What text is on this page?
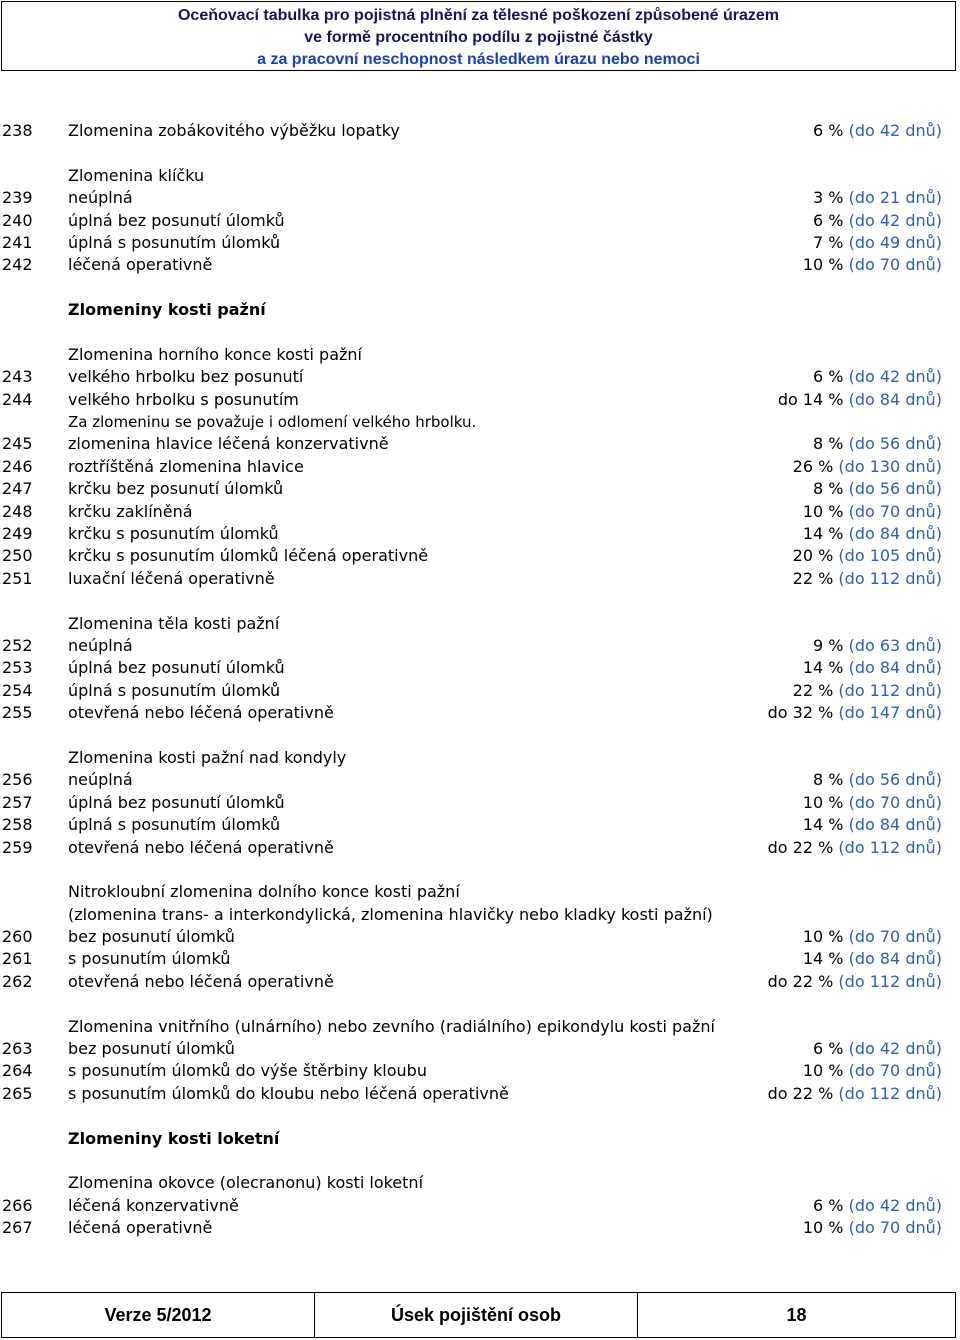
Oceňovací tabulka pro pojistná plnění za tělesné poškození způsobené úrazem
ve formě procentního podílu z pojistné částky
a za pracovní neschopnost následkem úrazu nebo nemoci
238 Zlomenina zobákovitého výběžku lopatky	6 % (do 42 dnů)
Zlomenina klíčku
239 neúplná	3 % (do 21 dnů)
240 úplná bez posunutí úlomků	6 % (do 42 dnů)
241 úplná s posunutím úlomků	7 % (do 49 dnů)
242 léčená operativně	10 % (do 70 dnů)
Zlomeniny kosti pažní
Zlomenina horního konce kosti pažní
243 velkého hrbolku bez posunutí	6 % (do 42 dnů)
244 velkého hrbolku s posunutím	do 14 % (do 84 dnů)
Za zlomeninu se považuje i odlomení velkého hrbolku.
245 zlomenina hlavice léčená konzervativně	8 % (do 56 dnů)
246 roztříštěná zlomenina hlavice	26 % (do 130 dnů)
247 krčku bez posunutí úlomků	8 % (do 56 dnů)
248 krčku zaklíněná	10 % (do 70 dnů)
249 krčku s posunutím úlomků	14 % (do 84 dnů)
250 krčku s posunutím úlomků léčená operativně	20 % (do 105 dnů)
251 luxační léčená operativně	22 % (do 112 dnů)
Zlomenina těla kosti pažní
252 neúplná	9 % (do 63 dnů)
253 úplná bez posunutí úlomků	14 % (do 84 dnů)
254 úplná s posunutím úlomků	22 % (do 112 dnů)
255 otevřená nebo léčená operativně	do 32 % (do 147 dnů)
Zlomenina kosti pažní nad kondyly
256 neúplná	8 % (do 56 dnů)
257 úplná bez posunutí úlomků	10 % (do 70 dnů)
258 úplná s posunutím úlomků	14 % (do 84 dnů)
259 otevřená nebo léčená operativně	do 22 % (do 112 dnů)
Nitrokloubní zlomenina dolního konce kosti pažní
(zlomenina trans- a interkondylická, zlomenina hlavičky nebo kladky kosti pažní)
260 bez posunutí úlomků	10 % (do 70 dnů)
261 s posunutím úlomků	14 % (do 84 dnů)
262 otevřená nebo léčená operativně	do 22 % (do 112 dnů)
Zlomenina vnitřního (ulnárního) nebo zevního (radiálního) epikondylu kosti pažní
263 bez posunutí úlomků	6 % (do 42 dnů)
264 s posunutím úlomků do výše štěrbiny kloubu	10 % (do 70 dnů)
265 s posunutím úlomků do kloubu nebo léčená operativně	do 22 % (do 112 dnů)
Zlomeniny kosti loketní
Zlomenina okovce (olecranonu) kosti loketní
266 léčená konzervativně	6 % (do 42 dnů)
267 léčená operativně	10 % (do 70 dnů)
Verze 5/2012	Úsek pojištění osob	18
